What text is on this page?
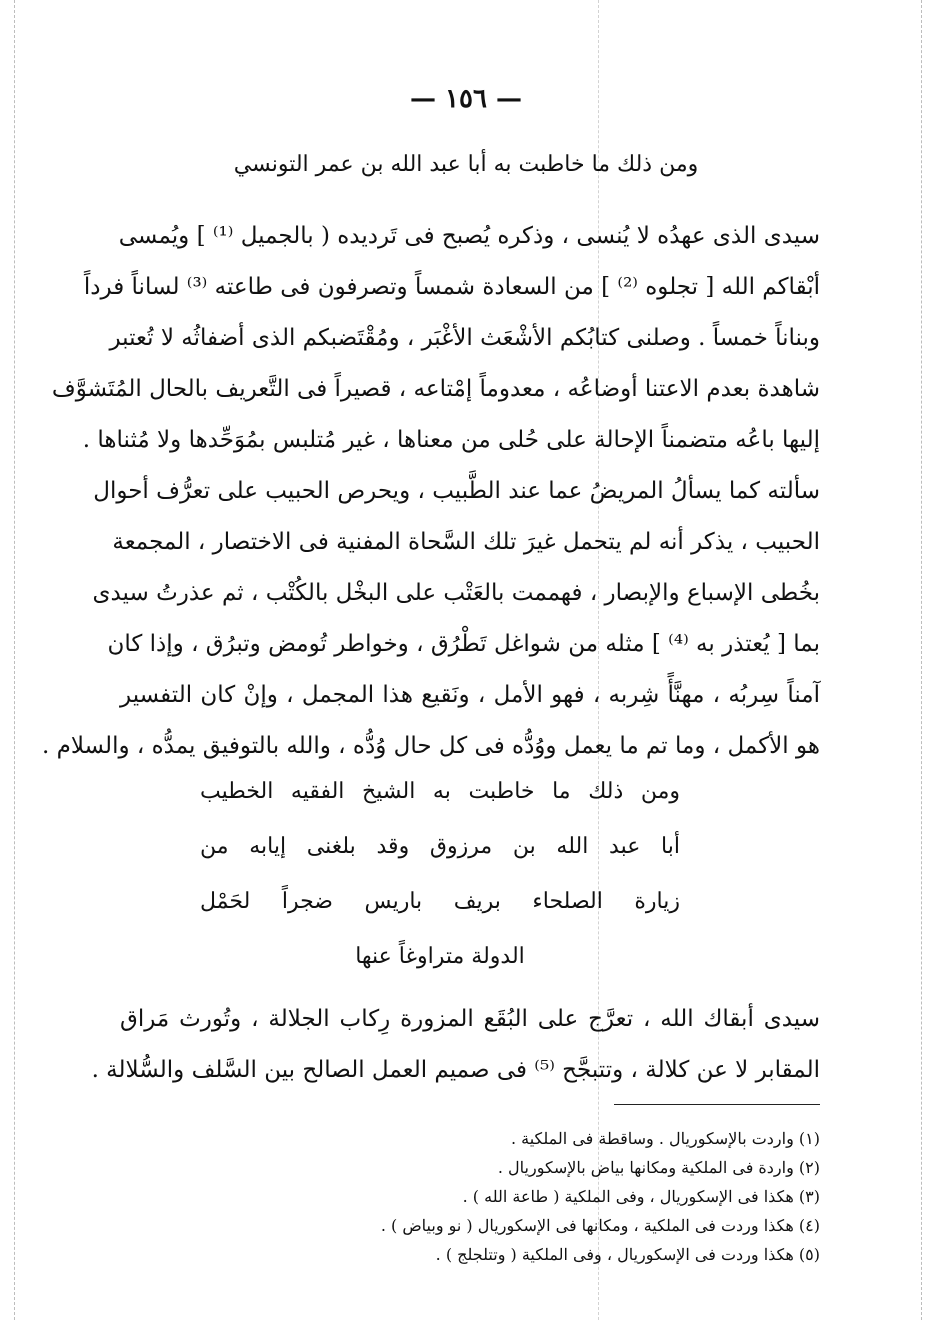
— ١٥٦ —
ومن ذلك ما خاطبت به أبا عبد الله بن عمر التونسي
سيدى الذى عهدُه لا يُنسى ، وذكره يُصبح فى تَرديده ( بالجميل ⁽¹⁾ ] ويُمسى
أبْقاكم الله [ تجلوه ⁽²⁾ ] من السعادة شمساً وتصرفون فى طاعته ⁽³⁾ لساناً فرداً
وبناناً خمساً . وصلنى كتابُكم الأشْعَث الأغْبَر ، ومُقْتَضبكم الذى أضفاثُه لا تُعتبر
شاهدة بعدم الاعتنا أوضاعُه ، معدوماً إمْتاعه ، قصيراً فى التَّعريف بالحال المُتَشوَّف
إليها باعُه متضمناً الإحالة على حُلى من معناها ، غير مُتلبس بمُوَحِّدها ولا مُثناها .
سألته كما يسألُ المريضُ عما عند الطَّبيب ، ويحرص الحبيب على تعرُّف أحوال
الحبيب ، يذكر أنه لم يتحمل غيرَ تلك السَّحاة المفنية فى الاختصار ، المجمعة
بخُطى الإسباع والإبصار ، فهممت بالعَتْب على البخْل بالكُتْب ، ثم عذرتُ سيدى
بما [ يُعتذر به ⁽⁴⁾ ] مثله من شواغل تَطْرُق ، وخواطر تُومض وتبرُق ، وإذا كان
آمناً سِربُه ، مهنَّأً شِربه ، فهو الأمل ، ونَقيع هذا المجمل ، وإنْ كان التفسير
هو الأكمل ، وما تم ما يعمل ووُدُّه فى كل حال وُدُّه ، والله بالتوفيق يمدُّه ، والسلام .
ومن ذلك ما خاطبت به الشيخ الفقيه الخطيب
أبا عبد الله بن مرزوق وقد بلغنى إيابه من
زيارة الصلحاء بريف باريس ضجراً لحَمْل
الدولة متراوغاً عنها
سيدى أبقاك الله ، تعرَّج على البُقَع المزورة رِكاب الجلالة ، وتُورث مَراق
المقابر لا عن كلالة ، وتتبجَّح ⁽⁵⁾ فى صميم العمل الصالح بين السَّلف والسُّلالة .
(١) واردت بالإسكوريال . وساقطة فى الملكية .
(٢) واردة فى الملكية ومكانها بياض بالإسكوريال .
(٣) هكذا فى الإسكوريال ، وفى الملكية ( طاعة الله ) .
(٤) هكذا وردت فى الملكية ، ومكانها فى الإسكوريال ( نو وبياض ) .
(٥) هكذا وردت فى الإسكوريال ، وفى الملكية ( وتتلجلج ) .
